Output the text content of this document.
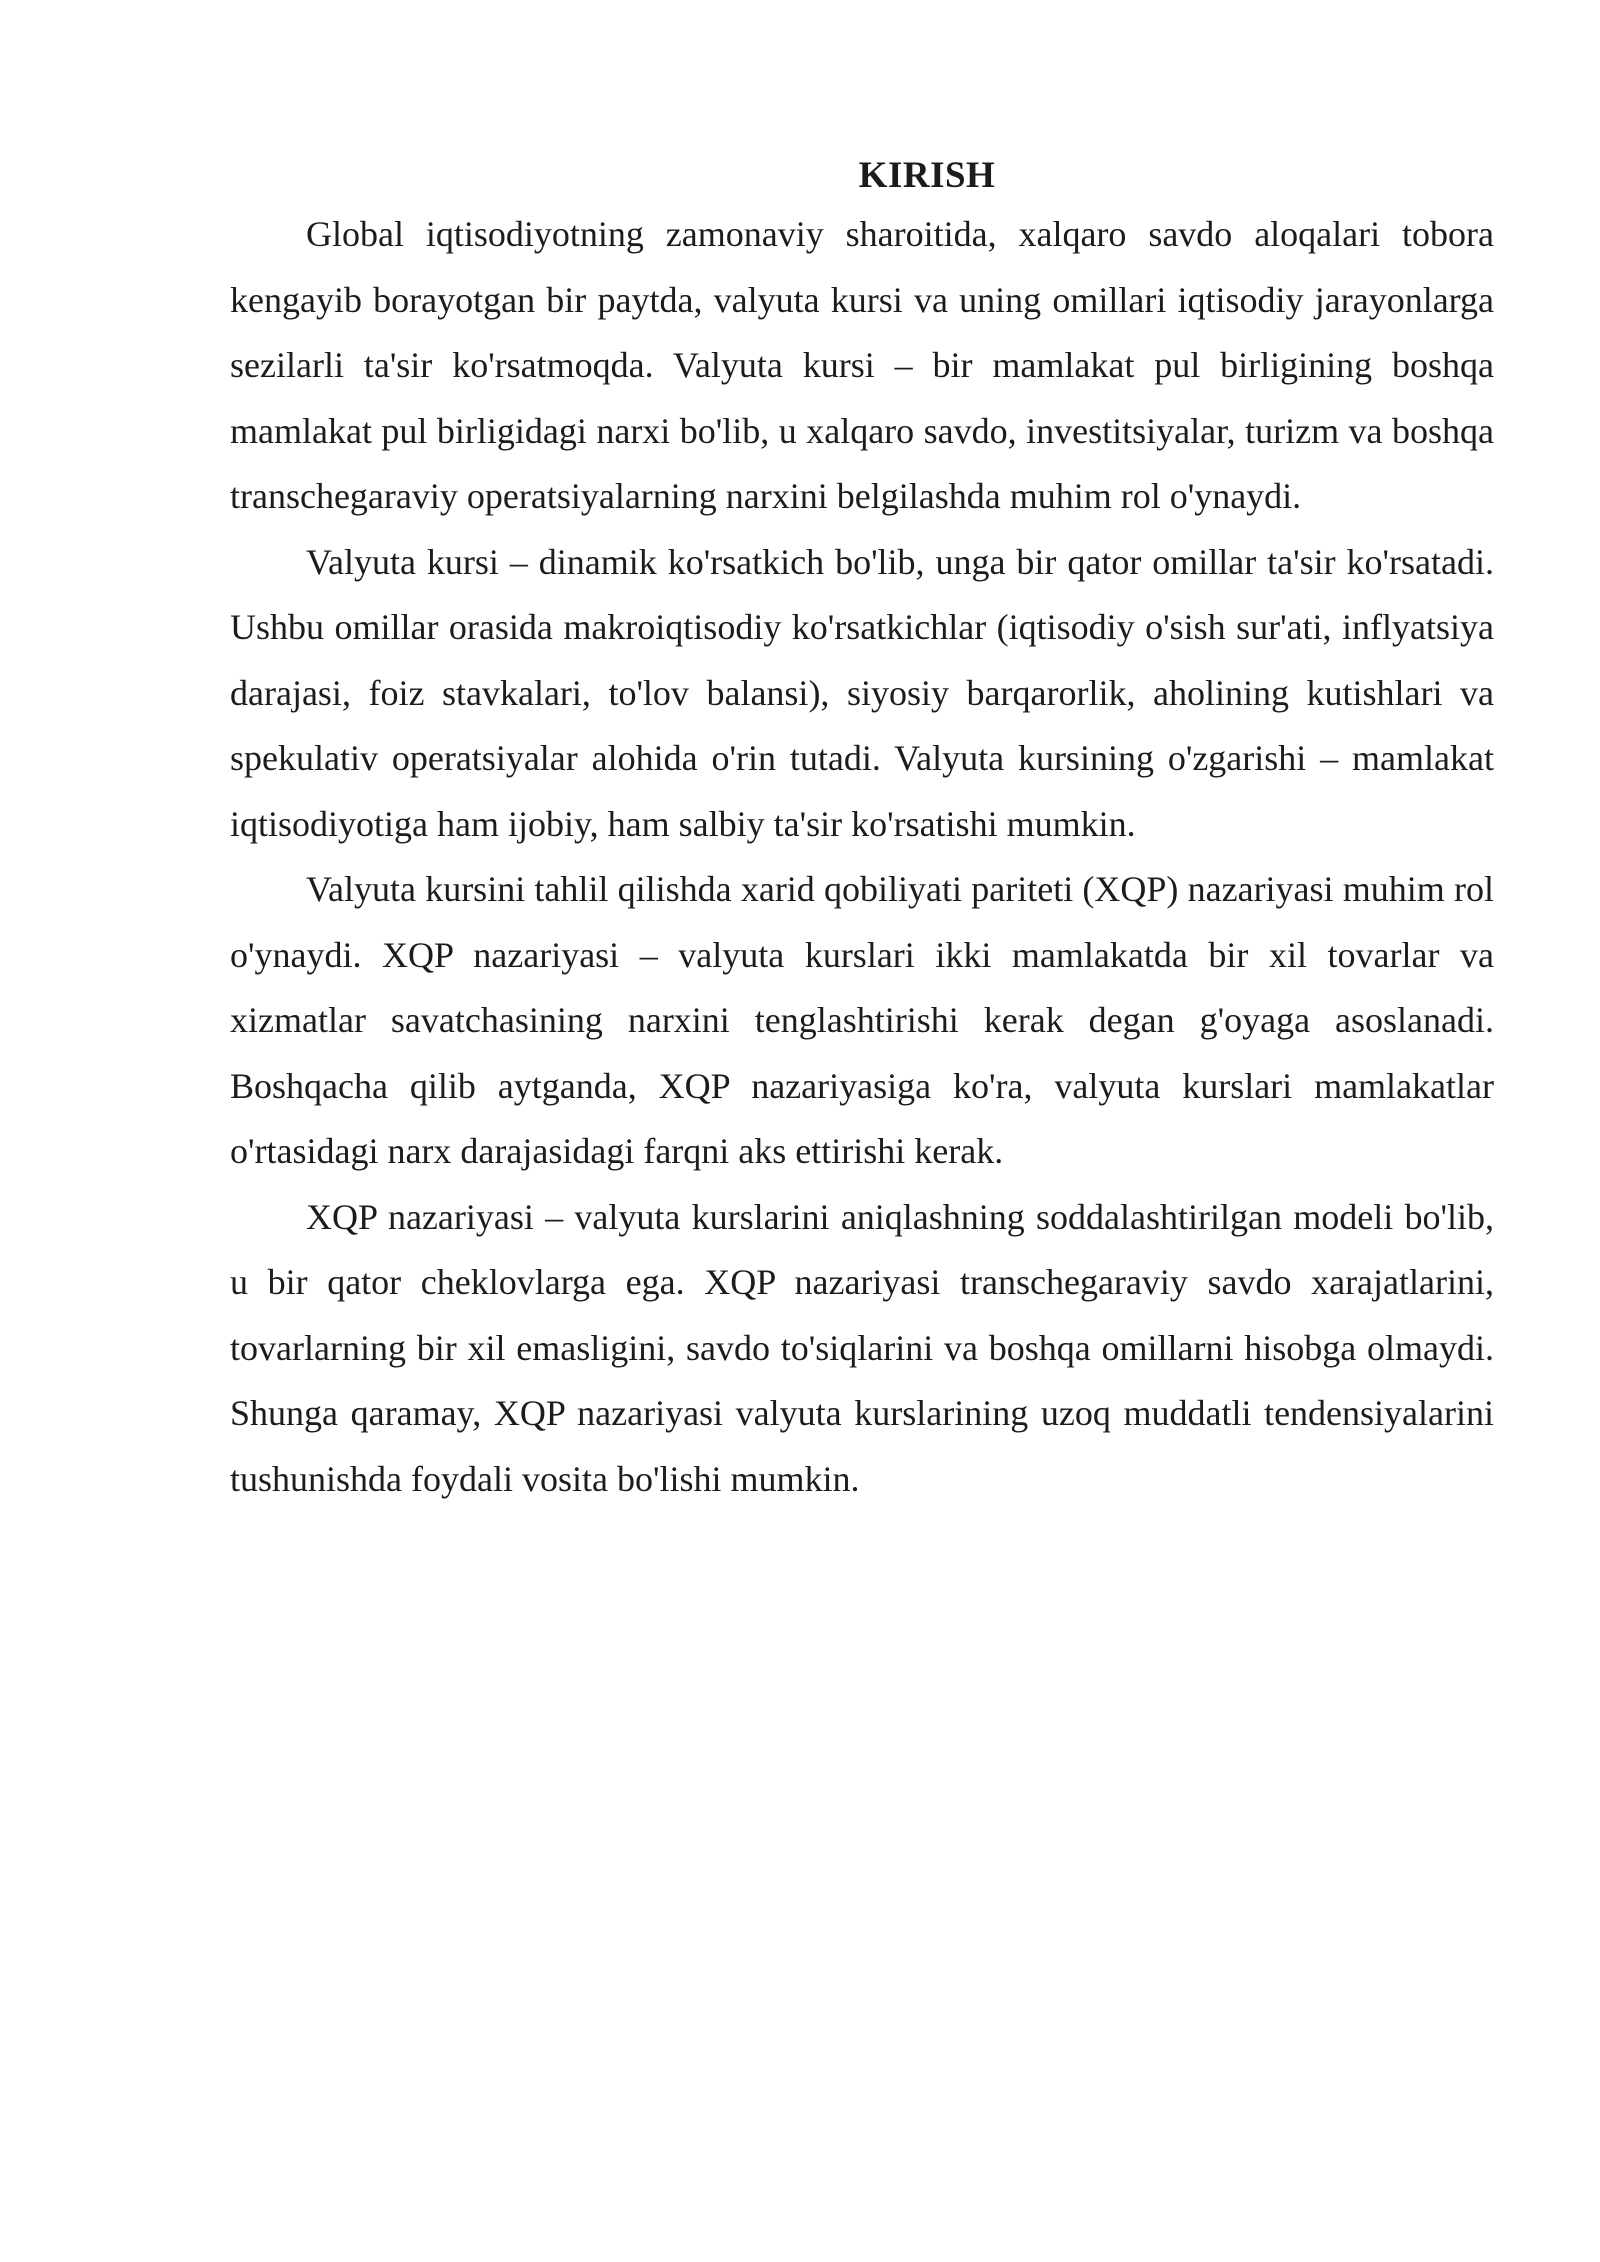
KIRISH

Global iqtisodiyotning zamonaviy sharoitida, xalqaro savdo aloqalari tobora kengayib borayotgan bir paytda, valyuta kursi va uning omillari iqtisodiy jarayonlarga sezilarli ta'sir ko'rsatmoqda. Valyuta kursi – bir mamlakat pul birligining boshqa mamlakat pul birligidagi narxi bo'lib, u xalqaro savdo, investitsiyalar, turizm va boshqa transchegaraviy operatsiyalarning narxini belgilashda muhim rol o'ynaydi.

Valyuta kursi – dinamik ko'rsatkich bo'lib, unga bir qator omillar ta'sir ko'rsatadi. Ushbu omillar orasida makroiqtisodiy ko'rsatkichlar (iqtisodiy o'sish sur'ati, inflyatsiya darajasi, foiz stavkalari, to'lov balansi), siyosiy barqarorlik, aholining kutishlari va spekulativ operatsiyalar alohida o'rin tutadi. Valyuta kursining o'zgarishi – mamlakat iqtisodiyotiga ham ijobiy, ham salbiy ta'sir ko'rsatishi mumkin.

Valyuta kursini tahlil qilishda xarid qobiliyati pariteti (XQP) nazariyasi muhim rol o'ynaydi. XQP nazariyasi – valyuta kurslari ikki mamlakatda bir xil tovarlar va xizmatlar savatchasining narxini tenglashtirishi kerak degan g'oyaga asoslanadi. Boshqacha qilib aytganda, XQP nazariyasiga ko'ra, valyuta kurslari mamlakatlar o'rtasidagi narx darajasidagi farqni aks ettirishi kerak.

XQP nazariyasi – valyuta kurslarini aniqlashning soddalashtirilgan modeli bo'lib, u bir qator cheklovlarga ega. XQP nazariyasi transchegaraviy savdo xarajatlarini, tovarlarning bir xil emasligini, savdo to'siqlarini va boshqa omillarni hisobga olmaydi. Shunga qaramay, XQP nazariyasi valyuta kurslarining uzoq muddatli tendensiyalarini tushunishda foydali vosita bo'lishi mumkin.
